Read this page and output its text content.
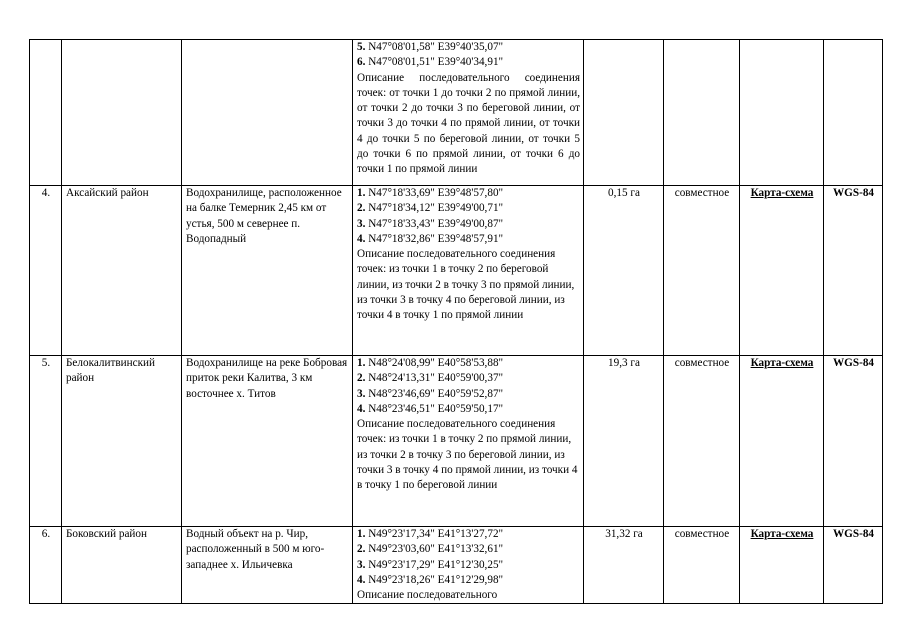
			5. N47°08'01,58" E39°40'35,07"
6. N47°08'01,51" E39°40'34,91"
Описание последовательного соединения точек: от точки 1 до точки 2 по прямой линии, от точки 2 до точки 3 по береговой линии, от точки 3 до точки 4 по прямой линии, от точки 4 до точки 5 по береговой линии, от точки 5 до точки 6 по прямой линии, от точки 6 до точки 1 по прямой линии				

4.	Аксайский район	Водохранилище, расположенное на балке Темерник 2,45 км от устья, 500 м севернее п. Водопадный	1. N47°18'33,69" E39°48'57,80"
2. N47°18'34,12" E39°49'00,71"
3. N47°18'33,43" E39°49'00,87"
4. N47°18'32,86" E39°48'57,91"
Описание последовательного соединения точек: из точки 1 в точку 2 по береговой линии, из точки 2 в точку 3 по прямой линии, из точки 3 в точку 4 по береговой линии, из точки 4 в точку 1 по прямой линии	0,15 га	совместное	Карта-схема	WGS-84
5.	Белокалитвинский район	Водохранилище на реке Бобровая приток реки Калитва, 3 км восточнее х. Титов	1. N48°24'08,99" E40°58'53,88"
2. N48°24'13,31" E40°59'00,37"
3. N48°23'46,69" E40°59'52,87"
4. N48°23'46,51" E40°59'50,17"
Описание последовательного соединения точек: из точки 1 в точку 2 по прямой линии, из точки 2 в точку 3 по береговой линии, из точки 3 в точку 4 по прямой линии, из точки 4 в точку 1 по береговой линии	19,3 га	совместное	Карта-схема	WGS-84
6.	Боковский район	Водный объект на р. Чир, расположенный в 500 м юго-западнее х. Ильичевка	1. N49°23'17,34" E41°13'27,72"
2. N49°23'03,60" E41°13'32,61"
3. N49°23'17,29" E41°12'30,25"
4. N49°23'18,26" E41°12'29,98"
Описание последовательного	31,32 га	совместное	Карта-схема	WGS-84
